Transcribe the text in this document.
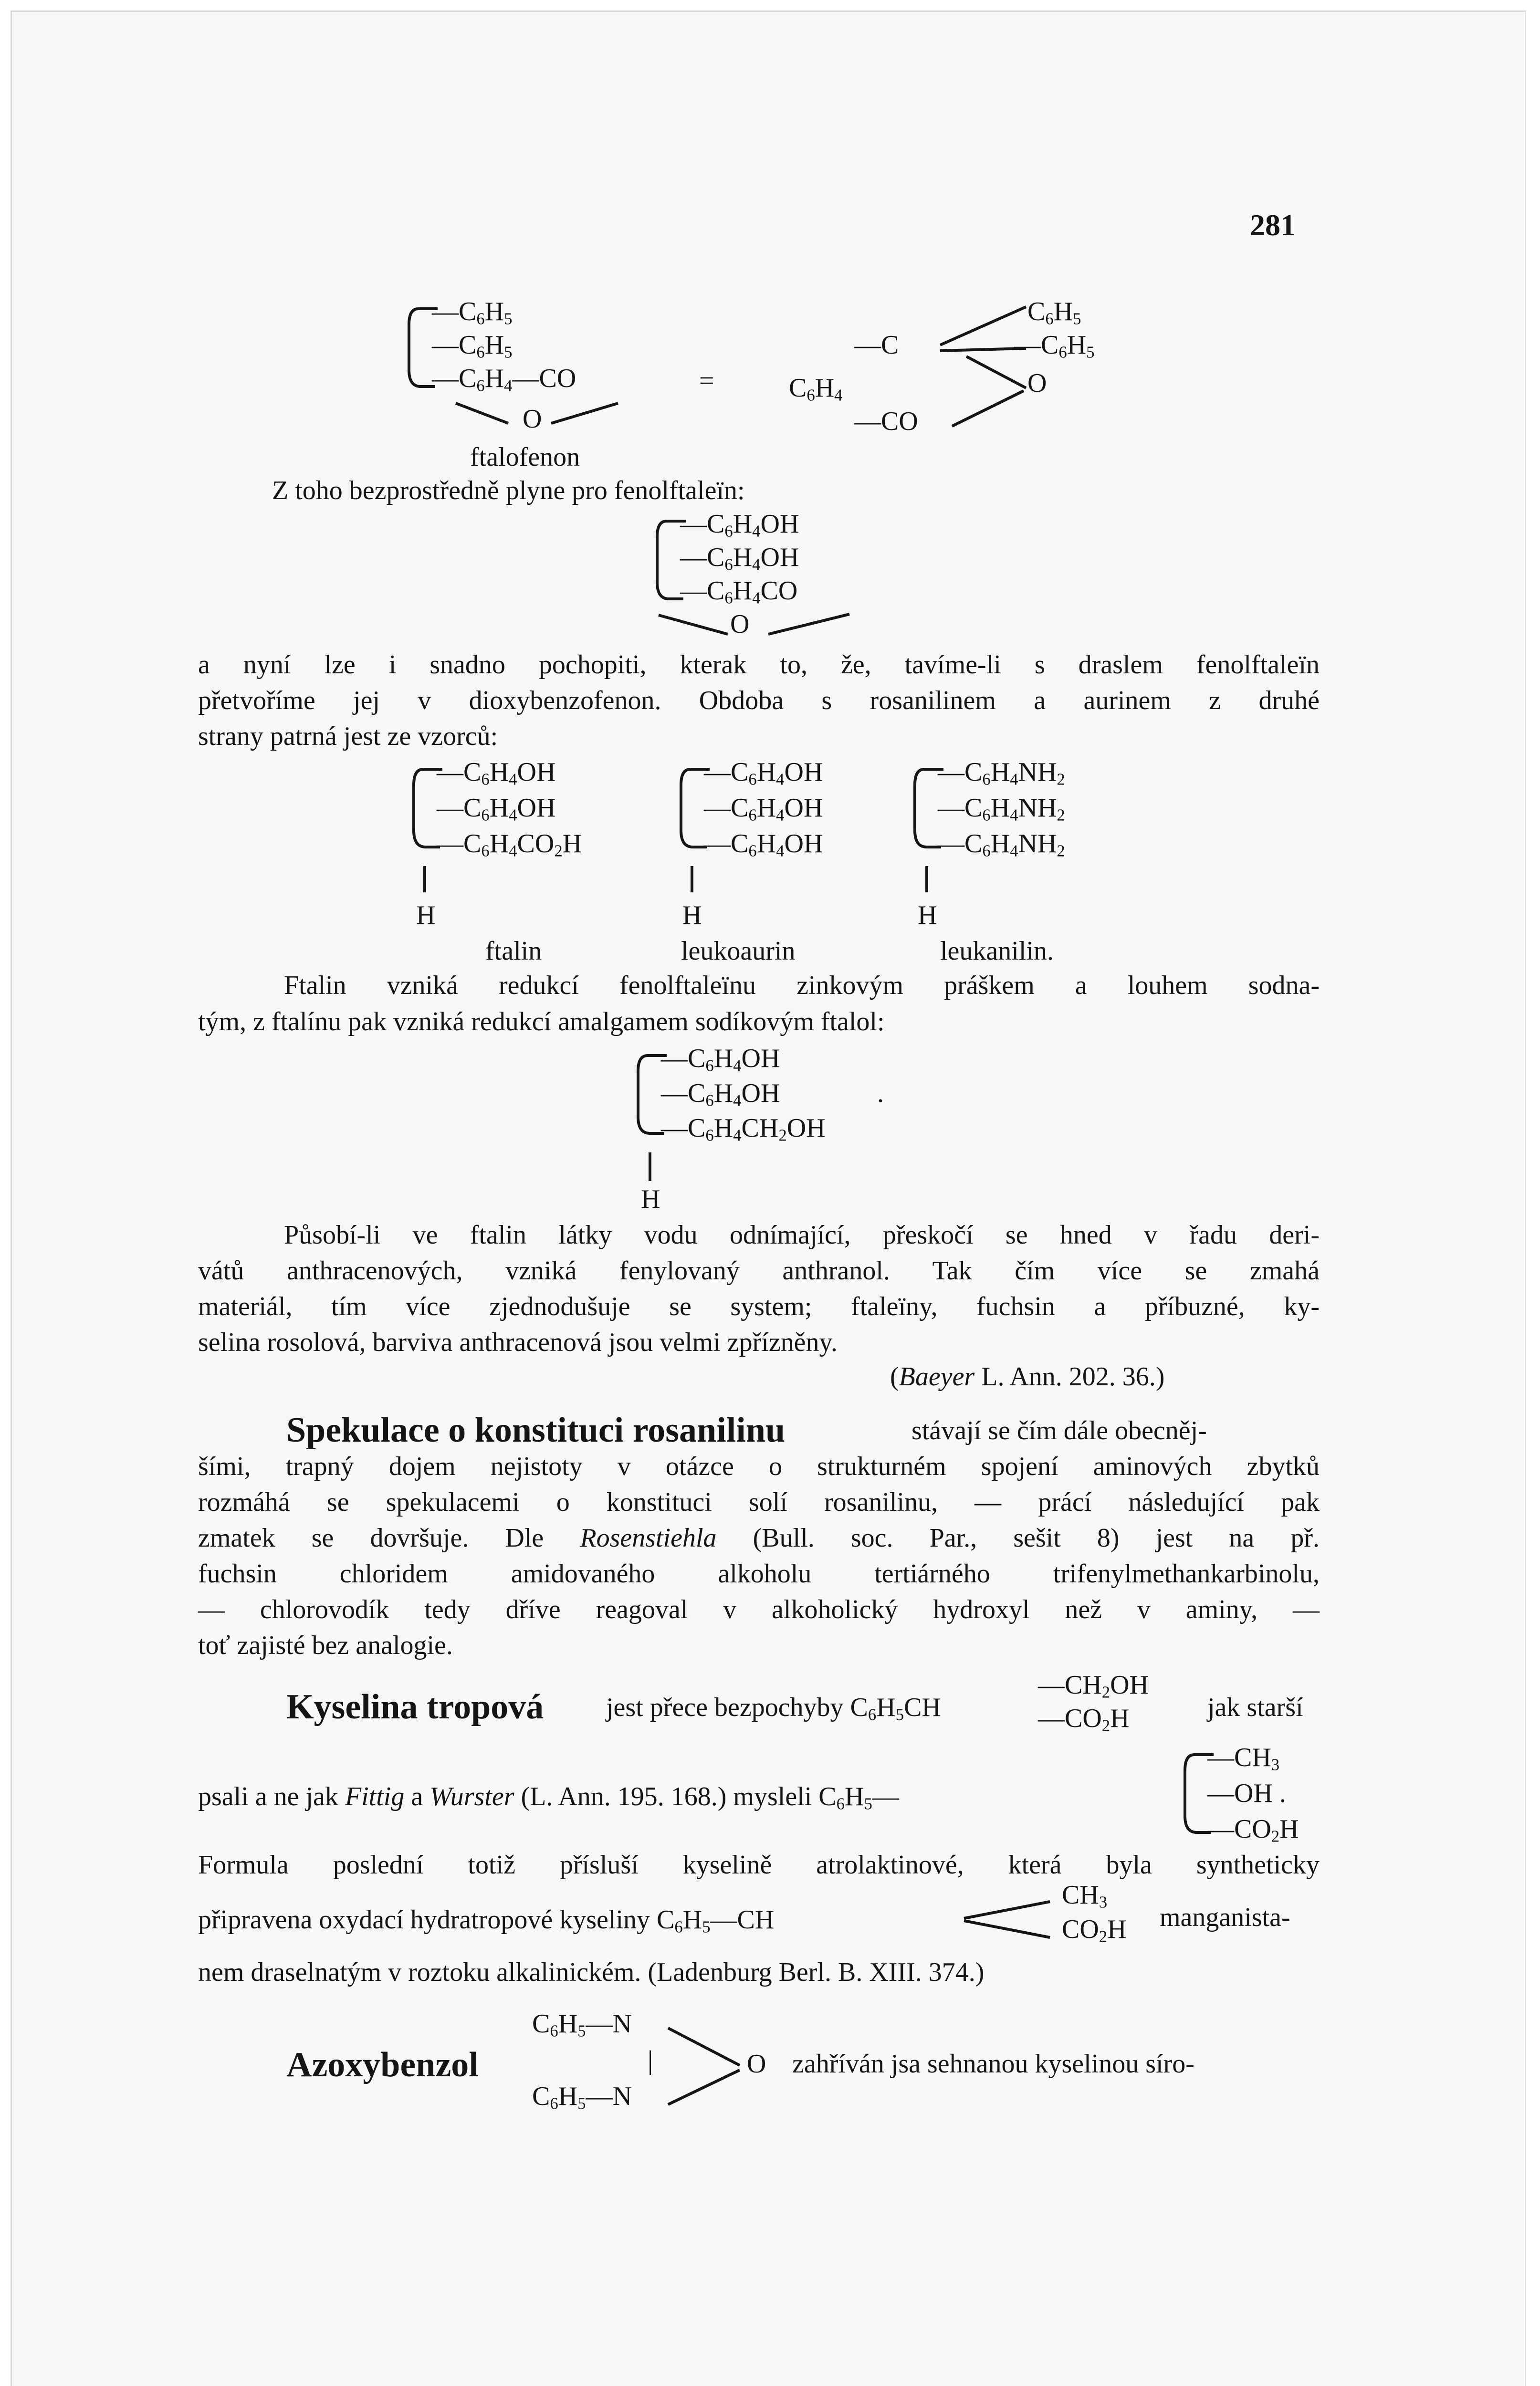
281
$—C_6H_5$
$—C_6H_5$
$—C_6H_4—CO$
O
=	$C_6H_4$
—C
—CO
$C_6H_5$
$—C_6H_5$
O
ftalofenon
Z toho bezprostředně plyne pro fenolftaleïn:
$—C_6H_4OH$
$—C_6H_4OH$
$—C_6H_4CO$
O
a nyní lze i snadno pochopiti, kterak to, že, tavíme-li s draslem fenolftaleïn
přetvoříme jej v dioxybenzofenon. Obdoba s rosanilinem a aurinem z druhé
strany patrná jest ze vzorců:
$—C_6H_4OH$
$—C_6H_4OH$
$—C_6H_4CO_2H$
$—C_6H_4OH$
$—C_6H_4OH$
$—C_6H_4OH$
$—C_6H_4NH_2$
$—C_6H_4NH_2$
$—C_6H_4NH_2$
H	H	H
ftalin	leukoaurin	leukanilin.
Ftalin vzniká redukcí fenolftaleïnu zinkovým práškem a louhem sodna-
tým, z ftalínu pak vzniká redukcí amalgamem sodíkovým ftalol:
$—C_6H_4OH$
$—C_6H_4OH$
$—C_6H_4CH_2OH$
.
H
Působí-li ve ftalin látky vodu odnímající, přeskočí se hned v řadu deri-
vátů anthracenových, vzniká fenylovaný anthranol. Tak čím více se zmahá
materiál, tím více zjednodušuje se system; ftaleïny, fuchsin a příbuzné, ky-
selina rosolová, barviva anthracenová jsou velmi zpřízněny.
(Baeyer L. Ann. 202. 36.)
Spekulace o konstituci rosanilinu	stávají se čím dále obecněj-
šími, trapný dojem nejistoty v otázce o strukturném spojení aminových zbytků
rozmáhá se spekulacemi o konstituci solí rosanilinu, — prácí následující pak
zmatek se dovršuje. Dle Rosenstiehla (Bull. soc. Par., sešit 8) jest na př.
fuchsin chloridem amidovaného alkoholu tertiárného trifenylmethankarbinolu,
— chlorovodík tedy dříve reagoval v alkoholický hydroxyl než v aminy, —
toť zajisté bez analogie.
Kyselina tropová jest přece bezpochyby $C_6H_5CH$
$—CH_2OH$
$—CO_2H$	jak starší
psali a ne jak Fittig a Wurster (L. Ann. 195. 168.) mysleli $C_6H_5—$
$—CH_3$
—OH .
$—CO_2H$
Formula poslední totiž přísluší kyselině atrolaktinové, která byla syntheticky
připravena oxydací hydratropové kyseliny $C_6H_5—CH$
$CH_3$
$CO_2H$ manganista-
nem draselnatým v roztoku alkalinickém. (Ladenburg Berl. B. XIII. 374.)
$C_6H_5—N$
|
$C_6H_5—N$
Azoxybenzol	O zahříván jsa sehnanou kyselinou síro-
